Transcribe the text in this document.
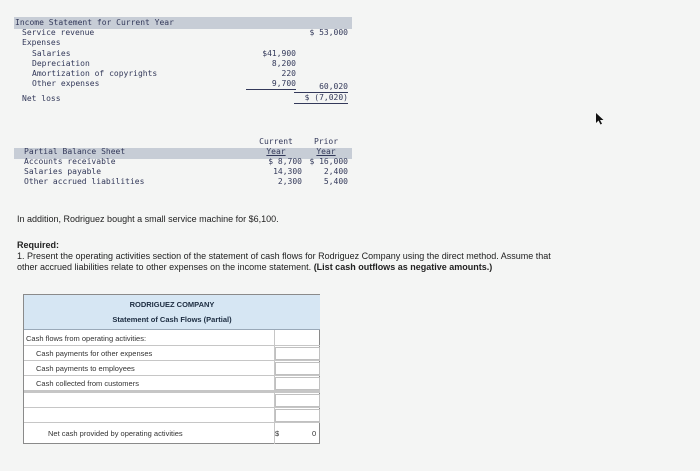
Income Statement for Current Year
Service revenue	$ 53,000
Expenses
Salaries	$41,900
Depreciation	8,200
Amortization of copyrights	220
Other expenses	9,700	60,020
Net loss	$ (7,020)
Current	Prior
Partial Balance Sheet	Year	Year
Accounts receivable	$ 8,700 $ 16,000
Salaries payable	14,300	2,400
Other accrued liabilities	2,300	5,400
In addition, Rodriguez bought a small service machine for $6,100.
Required:
1. Present the operating activities section of the statement of cash flows for Rodriguez Company using the direct method. Assume that
other accrued liabilities relate to other expenses on the income statement. (List cash outflows as negative amounts.)
RODRIGUEZ COMPANY
Statement of Cash Flows (Partial)
Cash flows from operating activities:
Cash payments for other expenses
Cash payments to employees
Cash collected from customers
Net cash provided by operating activities	$	0
